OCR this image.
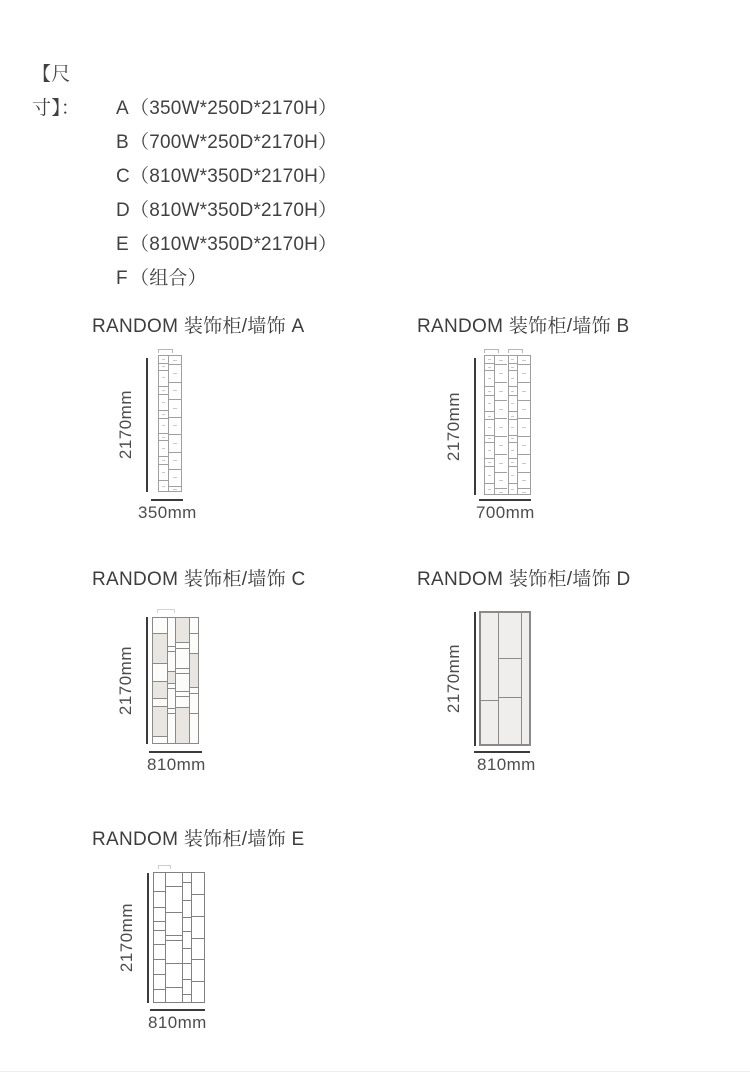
【尺寸】： A（350W*250D*2170H）
B（700W*250D*2170H）
C（810W*350D*2170H）
D（810W*350D*2170H）
E（810W*350D*2170H）
F （组合）
RANDOM 装饰柜/墙饰 A
2170mm
350mm
RANDOM 装饰柜/墙饰 B
2170mm
700mm
RANDOM 装饰柜/墙饰 C
2170mm
810mm
RANDOM 装饰柜/墙饰 D
2170mm
810mm
RANDOM 装饰柜/墙饰 E
2170mm
810mm
